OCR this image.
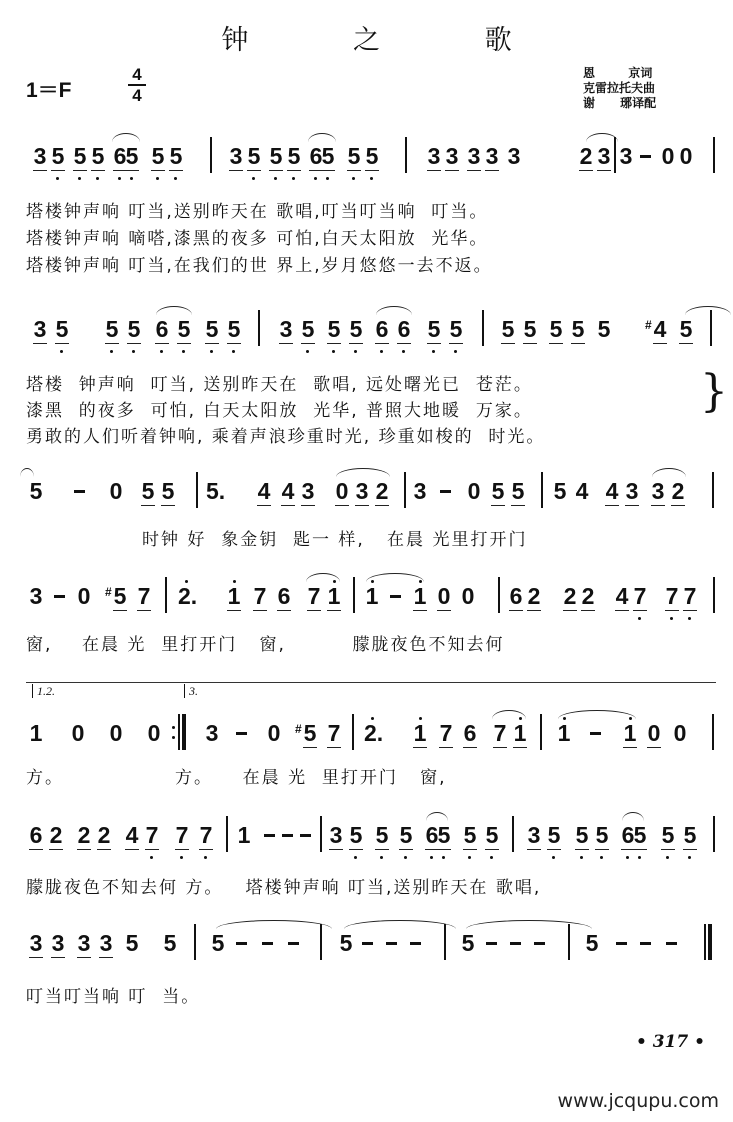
钟 之 歌
1＝F
4
4
恩        京词
克雷拉托夫曲
谢      琊译配
3 5 5 5 6 5 5 5 3 5 5 5 6 5 5 5 3 3 3 3 3	2 3 3 0 0
塔楼钟声响 叮当,送别昨天在 歌唱,叮当叮当响  叮当。
塔楼钟声响 嘀嗒,漆黑的夜多 可怕,白天太阳放  光华。
塔楼钟声响 叮当,在我们的世 界上,岁月悠悠一去不返。
3 5 5 5 6 5 5 5 3 5 5 5 6 6 5 5 5 5 5 5 5 4
# 5
塔楼  钟声响  叮当, 送别昨天在  歌唱, 远处曙光已  苍茫。
漆黑  的夜多  可怕, 白天太阳放  光华, 普照大地暖  万家。
勇敢的人们听着钟响, 乘着声浪珍重时光, 珍重如梭的  时光。
}
5	0 5 5 5. 4 4 3 0 3 2 3 0 5 5 5 4 4 3 3 2
时钟 好  象金钥  匙一 样,   在晨 光里打开门
3 0 5
# 7 2. 1 7 6 7 1 1 1 0 0 6 2 2 2 4 7 7 7
窗,    在晨 光  里打开门   窗,         朦胧夜色不知去何
1 0 0 0 3 0 5
# 7 2. 1 7 6 7 1 1 1 0 0
1.2.	3.
方。               方。    在晨 光  里打开门   窗,
6 2 2 2 4 7 7 7 1	3 5 5 5 6 5 5 5 3 5 5 5 6 5 5 5
朦胧夜色不知去何 方。   塔楼钟声响 叮当,送别昨天在 歌唱,
3 3 3 3 5 5 5	5	5	5
叮当叮当响 叮  当。
• 317 •
www.jcqupu.com
